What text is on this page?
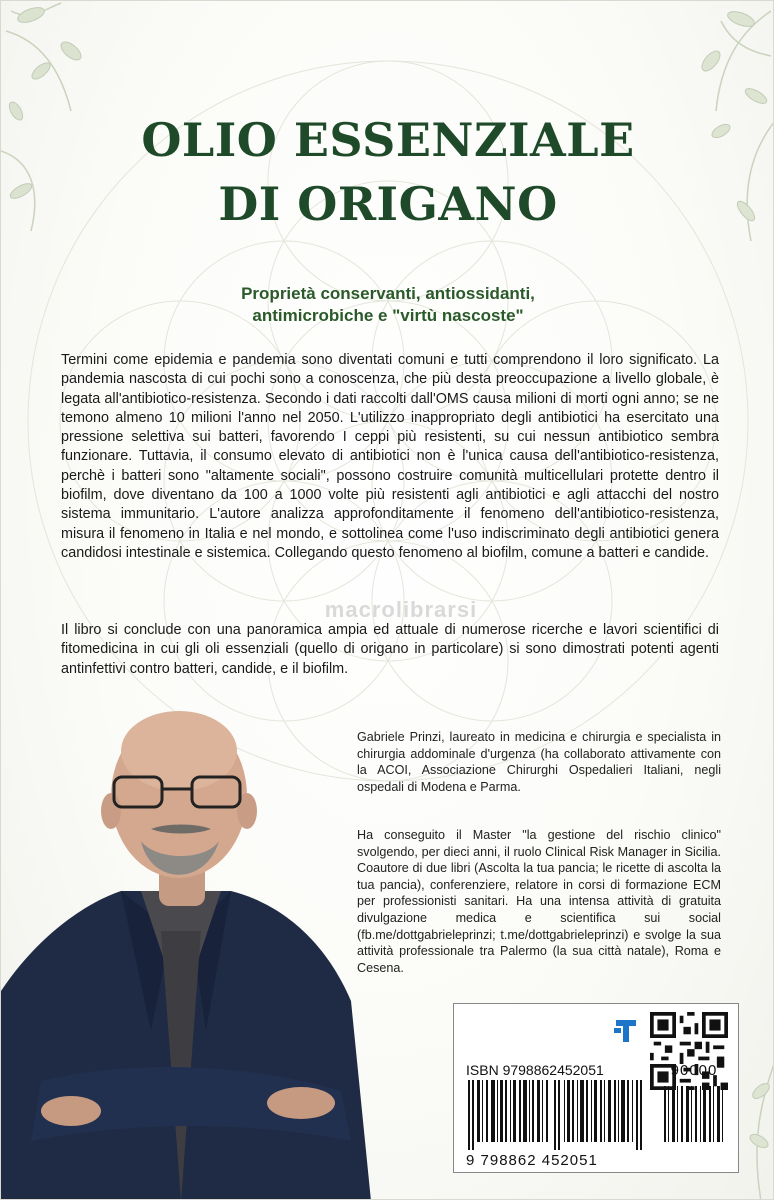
OLIO ESSENZIALE
DI ORIGANO
Proprietà conservanti, antiossidanti,
antimicrobiche e "virtù nascoste"
Termini come epidemia e pandemia sono diventati comuni e tutti comprendono il loro significato. La pandemia nascosta di cui pochi sono a conoscenza, che più desta preoccupazione a livello globale, è legata all'antibiotico-resistenza. Secondo i dati raccolti dall'OMS causa milioni di morti ogni anno; se ne temono almeno 10 milioni l'anno nel 2050. L'utilizzo inappropriato degli antibiotici ha esercitato una pressione selettiva sui batteri, favorendo I ceppi più resistenti, su cui nessun antibiotico sembra funzionare. Tuttavia, il consumo elevato di antibiotici non è l'unica causa dell'antibiotico-resistenza, perchè i batteri sono "altamente sociali", possono costruire comunità multicellulari protette dentro il biofilm, dove diventano da 100 a 1000 volte più resistenti agli antibiotici e agli attacchi del nostro sistema immunitario. L'autore analizza approfonditamente il fenomeno dell'antibiotico-resistenza, misura il fenomeno in Italia e nel mondo, e sottolinea come l'uso indiscriminato degli antibiotici genera candidosi intestinale e sistemica. Collegando questo fenomeno al biofilm, comune a batteri e candide.
macrolibrarsi
Il libro si conclude con una panoramica ampia ed attuale di numerose ricerche e lavori scientifici di fitomedicina in cui gli oli essenziali (quello di origano in particolare) si sono dimostrati potenti agenti antinfettivi contro batteri, candide, e il biofilm.
Gabriele Prinzi, laureato in medicina e chirurgia e specialista in chirurgia addominale d'urgenza (ha collaborato attivamente con la ACOI, Associazione Chirurghi Ospedalieri Italiani, negli ospedali di Modena e Parma.
Ha conseguito il Master "la gestione del rischio clinico" svolgendo, per dieci anni, il ruolo Clinical Risk Manager in Sicilia. Coautore di due libri (Ascolta la tua pancia; le ricette di ascolta la tua pancia), conferenziere, relatore in corsi di formazione ECM per professionisti sanitari. Ha una intensa attività di gratuita divulgazione medica e scientifica sui social (fb.me/dottgabrieleprinzi; t.me/dottgabrieleprinzi) e svolge la sua attività professionale tra Palermo (la sua città natale), Roma e Cesena.
ISBN 9798862452051	90000
9 798862 452051
